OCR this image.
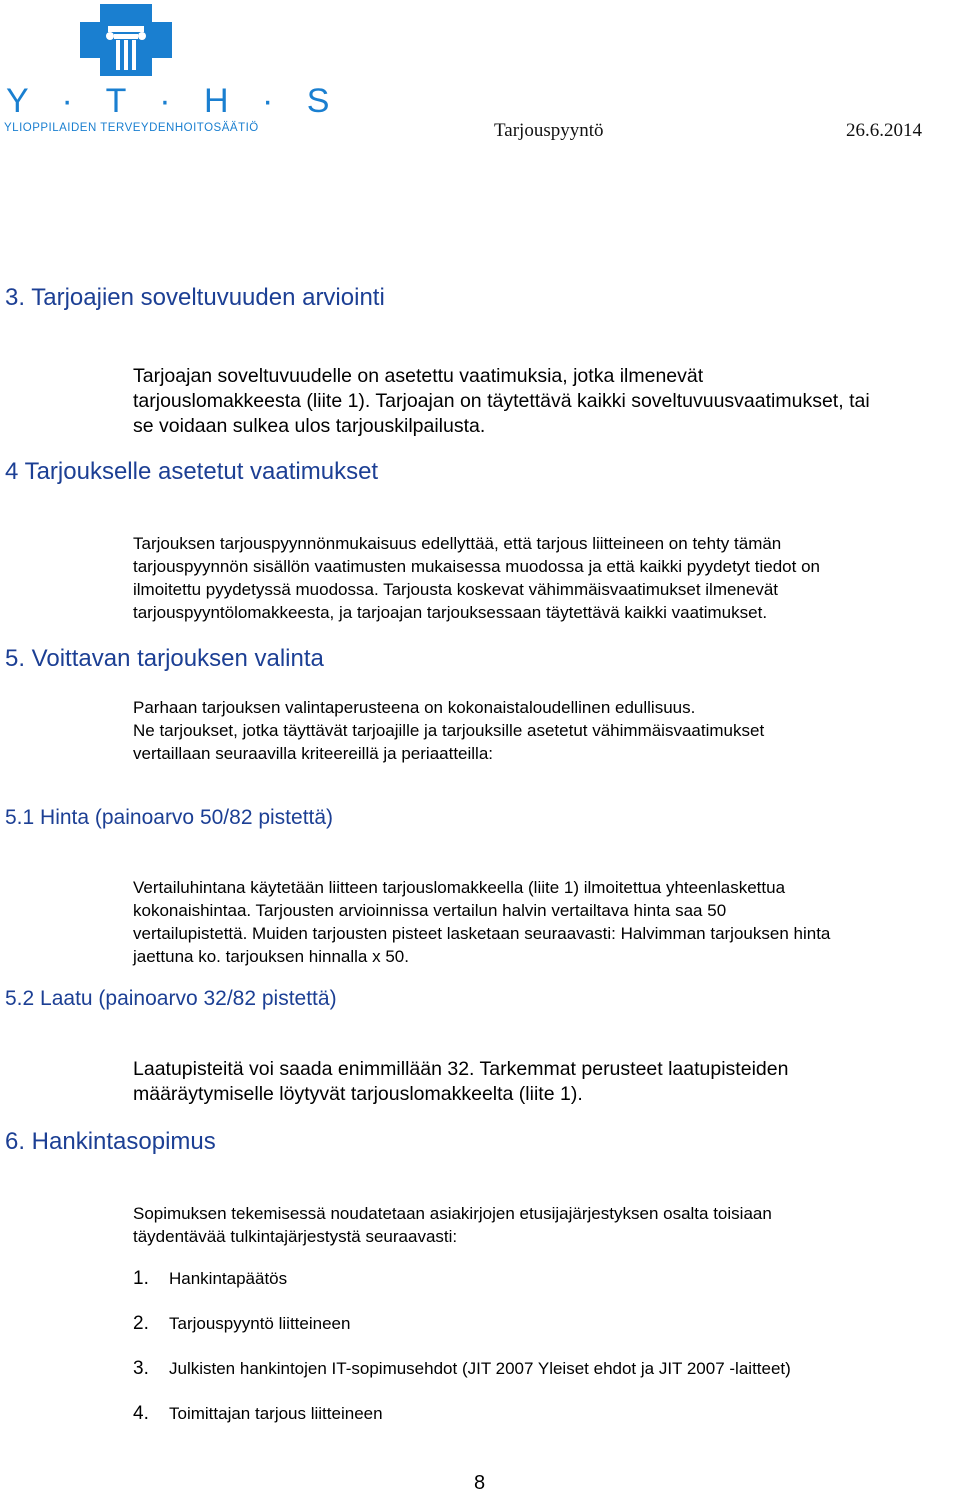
Y · T · H · S
YLIOPPILAIDEN TERVEYDENHOITOSÄÄTIÖ	Tarjouspyyntö	26.6.2014
3. Tarjoajien soveltuvuuden arviointi

Tarjoajan soveltuvuudelle on asetettu vaatimuksia, jotka ilmenevät

tarjouslomakkeesta (liite 1). Tarjoajan on täytettävä kaikki soveltuvuusvaatimukset, tai

se voidaan sulkea ulos tarjouskilpailusta.

4 Tarjoukselle asetetut vaatimukset

Tarjouksen tarjouspyynnönmukaisuus edellyttää, että tarjous liitteineen on tehty tämän

tarjouspyynnön sisällön vaatimusten mukaisessa muodossa ja että kaikki pyydetyt tiedot on

ilmoitettu pyydetyssä muodossa. Tarjousta koskevat vähimmäisvaatimukset ilmenevät

tarjouspyyntölomakkeesta, ja tarjoajan tarjouksessaan täytettävä kaikki vaatimukset.

5. Voittavan tarjouksen valinta

Parhaan tarjouksen valintaperusteena on kokonaistaloudellinen edullisuus.

Ne tarjoukset, jotka täyttävät tarjoajille ja tarjouksille asetetut vähimmäisvaatimukset

vertaillaan seuraavilla kriteereillä ja periaatteilla:

5.1 Hinta (painoarvo 50/82 pistettä)

Vertailuhintana käytetään liitteen tarjouslomakkeella (liite 1) ilmoitettua yhteenlaskettua

kokonaishintaa. Tarjousten arvioinnissa vertailun halvin vertailtava hinta saa 50

vertailupistettä. Muiden tarjousten pisteet lasketaan seuraavasti: Halvimman tarjouksen hinta

jaettuna ko. tarjouksen hinnalla x 50.

5.2 Laatu (painoarvo 32/82 pistettä)

Laatupisteitä voi saada enimmillään 32. Tarkemmat perusteet laatupisteiden

määräytymiselle löytyvät tarjouslomakkeelta (liite 1).

6. Hankintasopimus

Sopimuksen tekemisessä noudatetaan asiakirjojen etusijajärjestyksen osalta toisiaan

täydentävää tulkintajärjestystä seuraavasti:

1. Hankintapäätös
2. Tarjouspyyntö liitteineen
3. Julkisten hankintojen IT-sopimusehdot (JIT 2007 Yleiset ehdot ja JIT 2007 -laitteet)
4. Toimittajan tarjous liitteineen
8
